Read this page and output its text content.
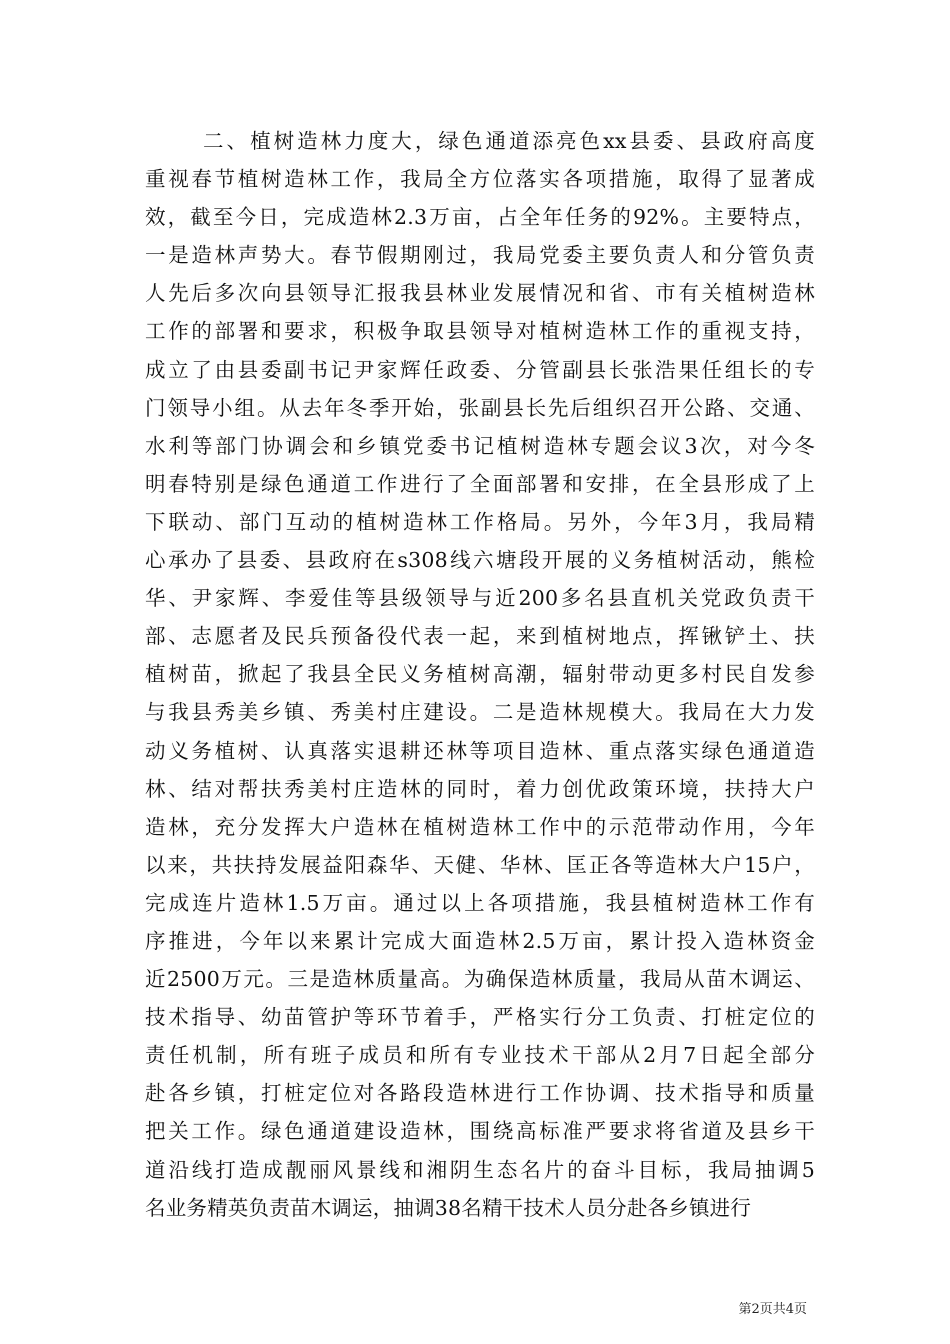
二、植树造林力度大，绿色通道添亮色xx县委、县政府高度
重视春节植树造林工作，我局全方位落实各项措施，取得了显著成
效，截至今日，完成造林2.3万亩，占全年任务的92%。主要特点，
一是造林声势大。春节假期刚过，我局党委主要负责人和分管负责
人先后多次向县领导汇报我县林业发展情况和省、市有关植树造林
工作的部署和要求，积极争取县领导对植树造林工作的重视支持，
成立了由县委副书记尹家辉任政委、分管副县长张浩果任组长的专
门领导小组。从去年冬季开始，张副县长先后组织召开公路、交通、
水利等部门协调会和乡镇党委书记植树造林专题会议3次，对今冬
明春特别是绿色通道工作进行了全面部署和安排，在全县形成了上
下联动、部门互动的植树造林工作格局。另外，今年3月，我局精
心承办了县委、县政府在s308线六塘段开展的义务植树活动，熊检
华、尹家辉、李爱佳等县级领导与近200多名县直机关党政负责干
部、志愿者及民兵预备役代表一起，来到植树地点，挥锹铲土、扶
植树苗，掀起了我县全民义务植树高潮，辐射带动更多村民自发参
与我县秀美乡镇、秀美村庄建设。二是造林规模大。我局在大力发
动义务植树、认真落实退耕还林等项目造林、重点落实绿色通道造
林、结对帮扶秀美村庄造林的同时，着力创优政策环境，扶持大户
造林，充分发挥大户造林在植树造林工作中的示范带动作用，今年
以来，共扶持发展益阳森华、天健、华林、匡正各等造林大户15户，
完成连片造林1.5万亩。通过以上各项措施，我县植树造林工作有
序推进，今年以来累计完成大面造林2.5万亩，累计投入造林资金
近2500万元。三是造林质量高。为确保造林质量，我局从苗木调运、
技术指导、幼苗管护等环节着手，严格实行分工负责、打桩定位的
责任机制，所有班子成员和所有专业技术干部从2月7日起全部分
赴各乡镇，打桩定位对各路段造林进行工作协调、技术指导和质量
把关工作。绿色通道建设造林，围绕高标准严要求将省道及县乡干
道沿线打造成靓丽风景线和湘阴生态名片的奋斗目标，我局抽调5
名业务精英负责苗木调运，抽调38名精干技术人员分赴各乡镇进行
第2页共4页
